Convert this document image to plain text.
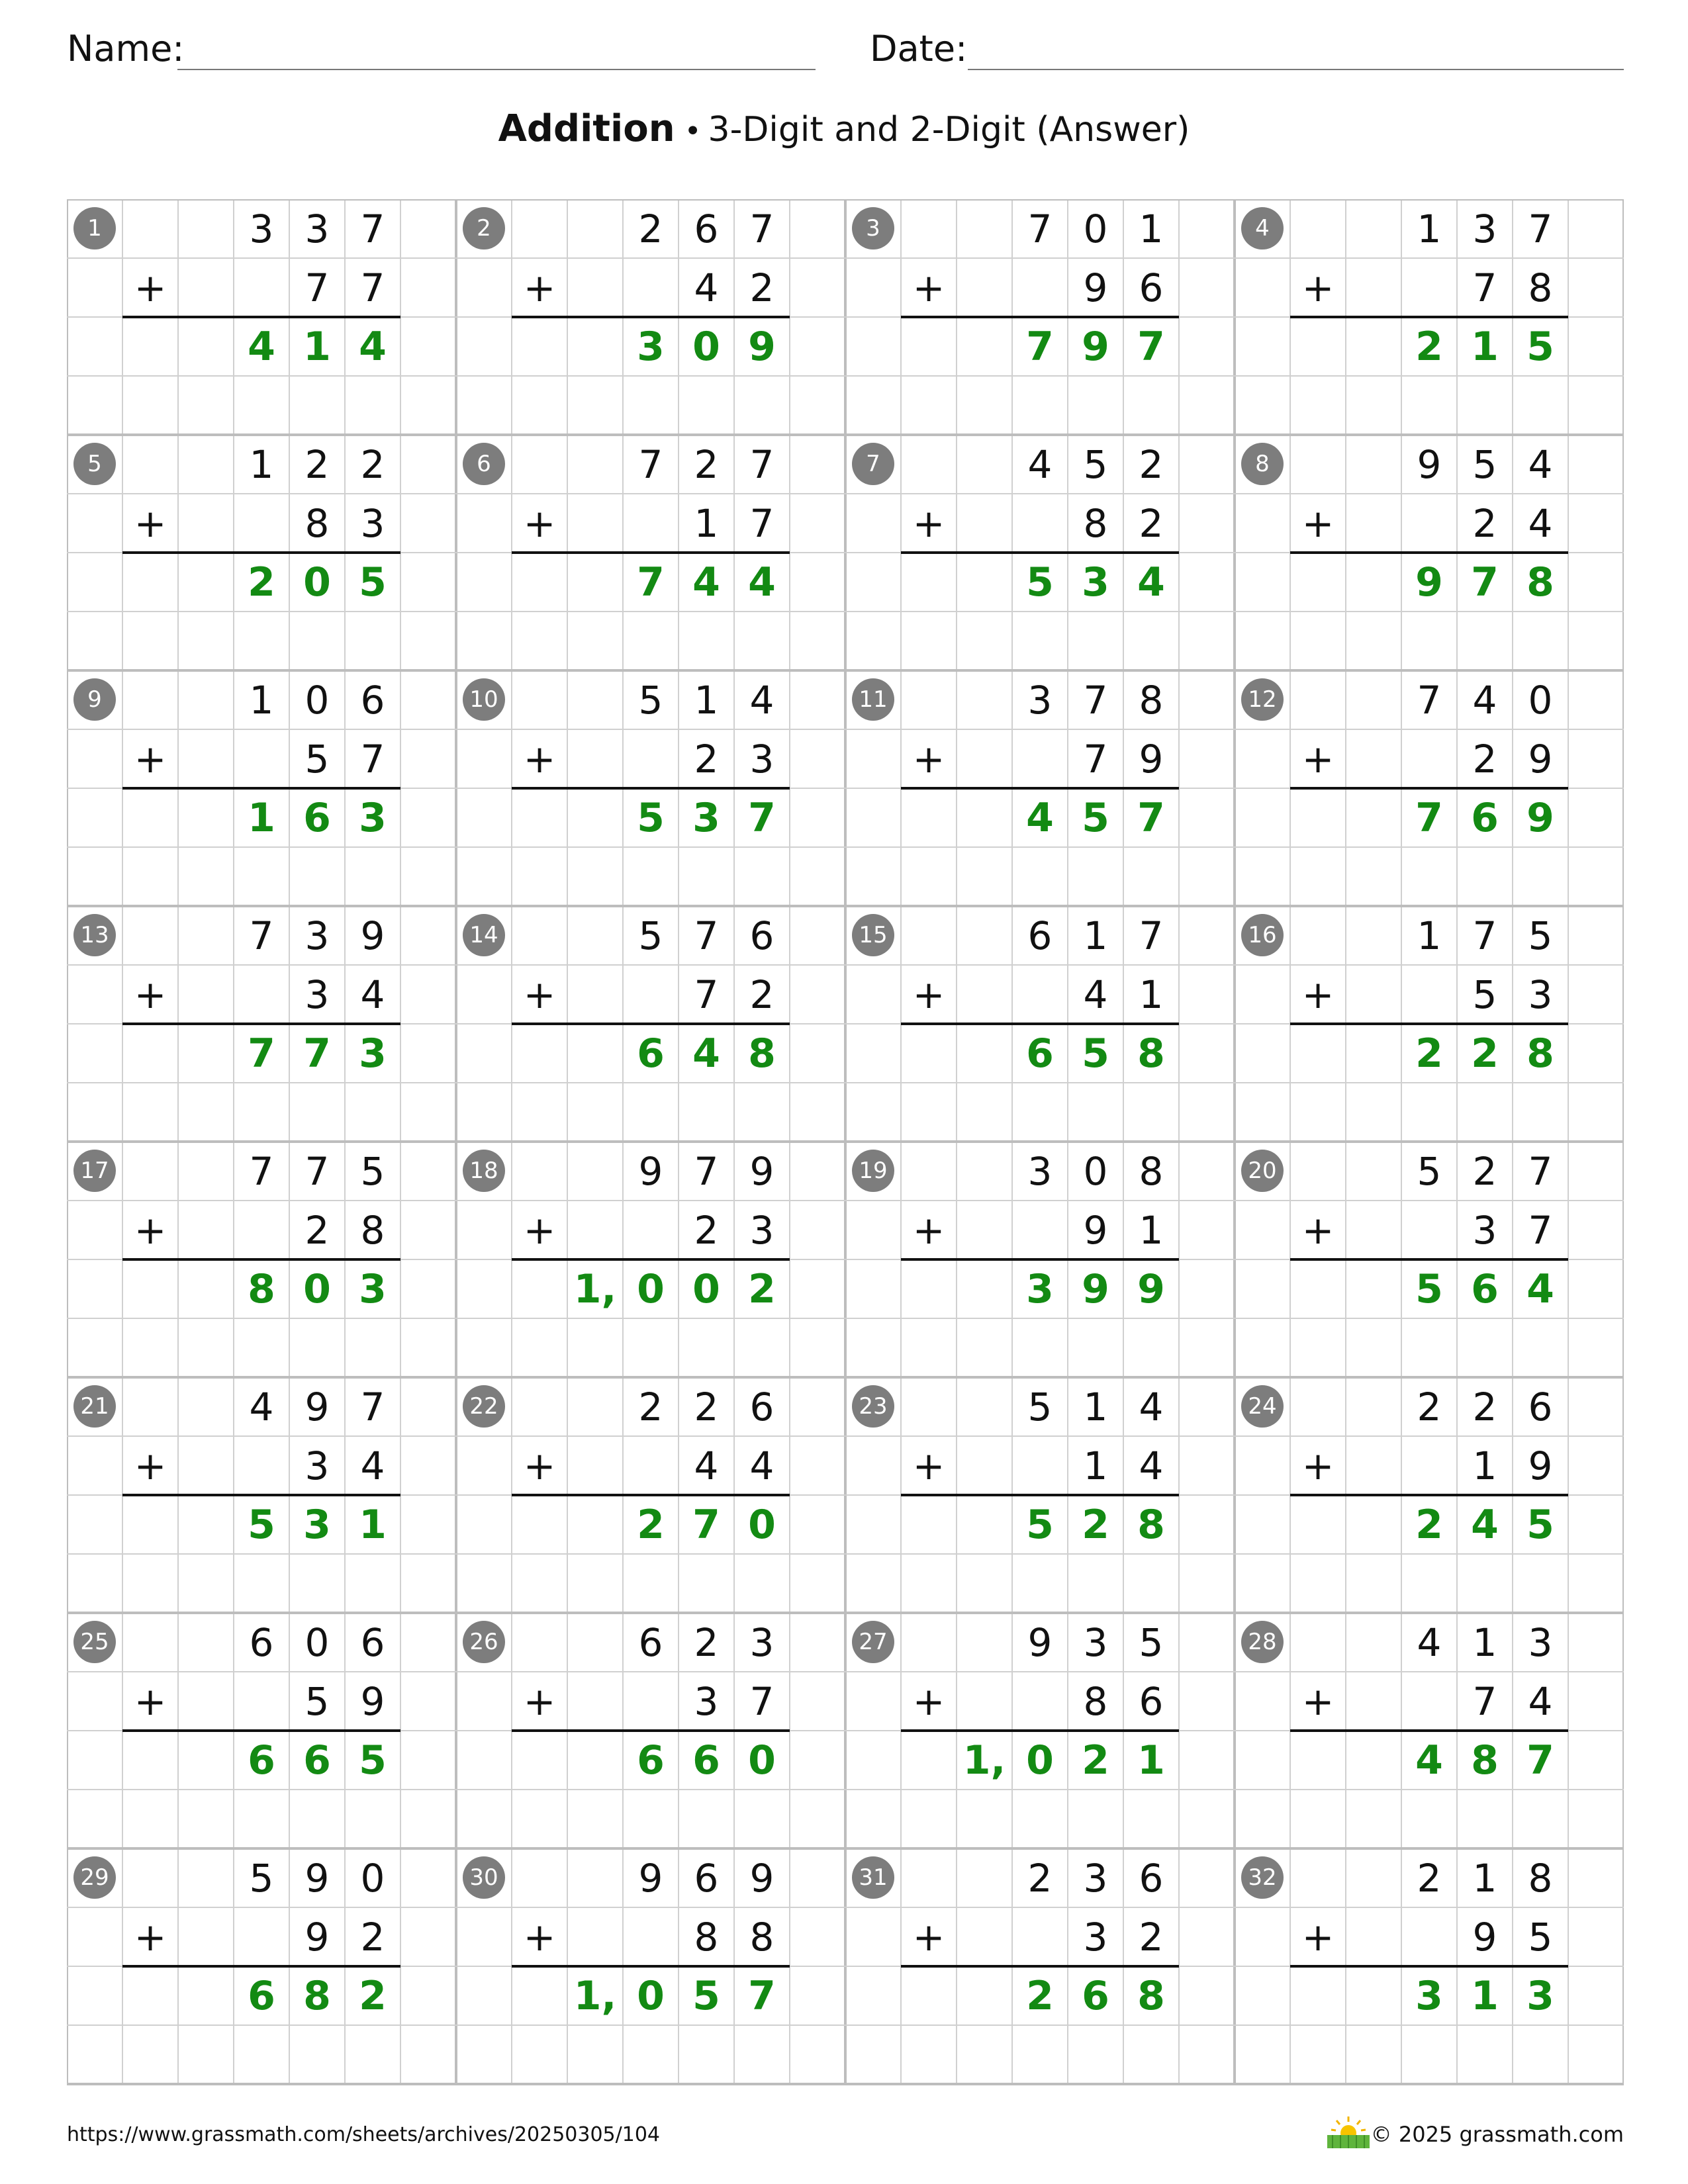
Name:	Date:
Addition • 3-Digit and 2-Digit (Answer)
1	3 3 7
+	7 7
4 1 4
2	2 6 7
+	4 2
3 0 9
3	7 0 1
+	9 6
7 9 7
4	1 3 7
+	7 8
2 1 5
5	1 2 2
+	8 3
2 0 5
6	7 2 7
+	1 7
7 4 4
7	4 5 2
+	8 2
5 3 4
8	9 5 4
+	2 4
9 7 8
9	1 0 6
+	5 7
1 6 3
10	5 1 4
+	2 3
5 3 7
11	3 7 8
+	7 9
4 5 7
12	7 4 0
+	2 9
7 6 9
13	7 3 9
+	3 4
7 7 3
14	5 7 6
+	7 2
6 4 8
15	6 1 7
+	4 1
6 5 8
16	1 7 5
+	5 3
2 2 8
17	7 7 5
+	2 8
8 0 3
18	9 7 9
+	2 3
1, 0 0 2
19	3 0 8
+	9 1
3 9 9
20	5 2 7
+	3 7
5 6 4
21	4 9 7
+	3 4
5 3 1
22	2 2 6
+	4 4
2 7 0
23	5 1 4
+	1 4
5 2 8
24	2 2 6
+	1 9
2 4 5
25	6 0 6
+	5 9
6 6 5
26	6 2 3
+	3 7
6 6 0
27	9 3 5
+	8 6
1, 0 2 1
28	4 1 3
+	7 4
4 8 7
29	5 9 0
+	9 2
6 8 2
30	9 6 9
+	8 8
1, 0 5 7
31	2 3 6
+	3 2
2 6 8
32	2 1 8
+	9 5
3 1 3
https://www.grassmath.com/sheets/archives/20250305/104	© 2025 grassmath.com
